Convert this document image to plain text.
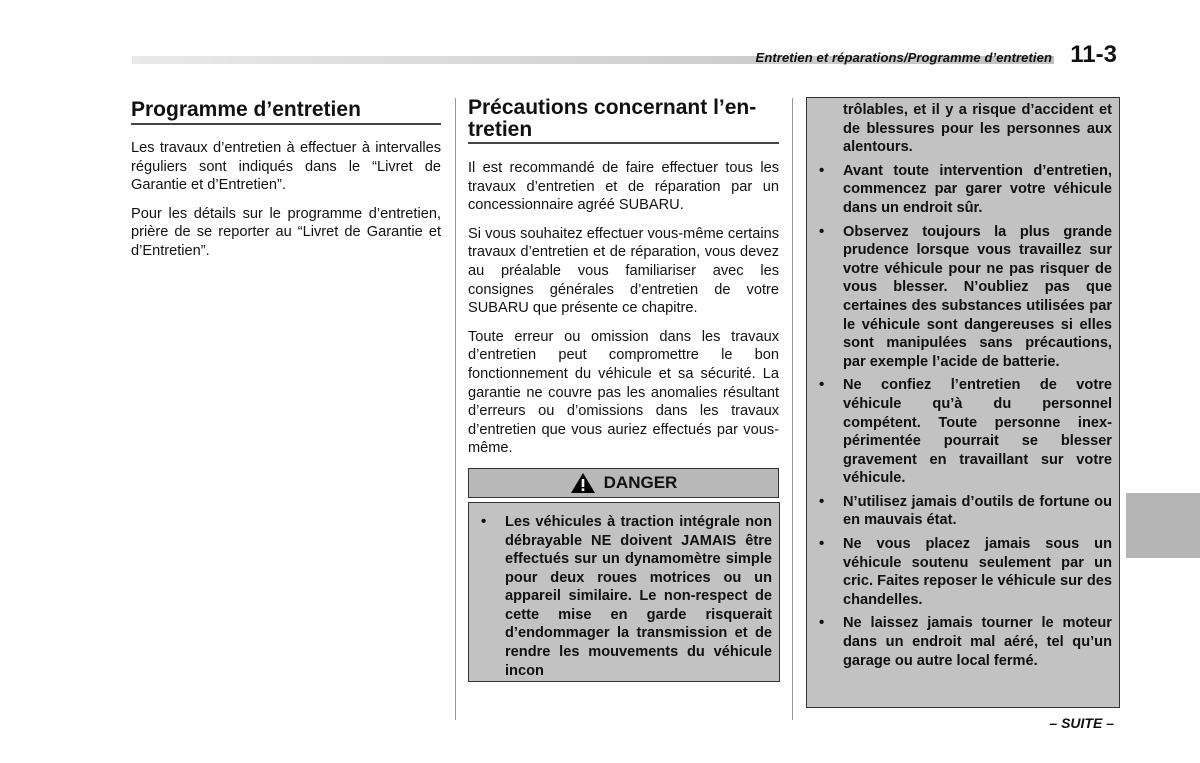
Entretien et réparations/Programme d’entretien 11-3
Programme d’entretien

Les travaux d’entretien à effectuer à intervalles réguliers sont indiqués dans le “Livret de Garantie et d’Entretien”.

Pour les détails sur le programme d’entretien, prière de se reporter au “Livret de Garantie et d’Entretien”.

Précautions concernant l’entretien

Il est recommandé de faire effectuer tous les travaux d’entretien et de réparation par un concessionnaire agréé SUBARU.

Si vous souhaitez effectuer vous-même certains travaux d’entretien et de réparation, vous devez au préalable vous familiariser avec les consignes générales d’entretien de votre SUBARU que présente ce chapitre.

Toute erreur ou omission dans les travaux d’entretien peut compromettre le bon fonctionnement du véhicule et sa sécurité. La garantie ne couvre pas les anomalies résultant d’erreurs ou d’omissions dans les travaux d’entretien que vous auriez effectués par vous-même.

DANGER
• Les véhicules à traction intégrale non débrayable NE doivent JAMAIS être effectués sur un dynamomètre simple pour deux roues motrices ou un appareil similaire. Le non-respect de cette mise en garde risquerait d’endommager la transmission et de rendre les mouvements du véhicule incon

trôlables, et il y a risque d’accident et de blessures pour les personnes aux alentours.

• Avant toute intervention d’entretien, commencez par garer votre véhicule dans un endroit sûr.
• Observez toujours la plus grande prudence lorsque vous travaillez sur votre véhicule pour ne pas risquer de vous blesser. N’oubliez pas que certaines des substances utilisées par le véhicule sont dangereuses si elles sont manipulées sans précautions, par exemple l’acide de batterie.
• Ne confiez l’entretien de votre véhicule qu’à du personnel compétent. Toute personne inexpérimentée pourrait se blesser gravement en travaillant sur votre véhicule.
• N’utilisez jamais d’outils de fortune ou en mauvais état.
• Ne vous placez jamais sous un véhicule soutenu seulement par un cric. Faites reposer le véhicule sur des chandelles.
• Ne laissez jamais tourner le moteur dans un endroit mal aéré, tel qu’un garage ou autre local fermé.
– SUITE –
